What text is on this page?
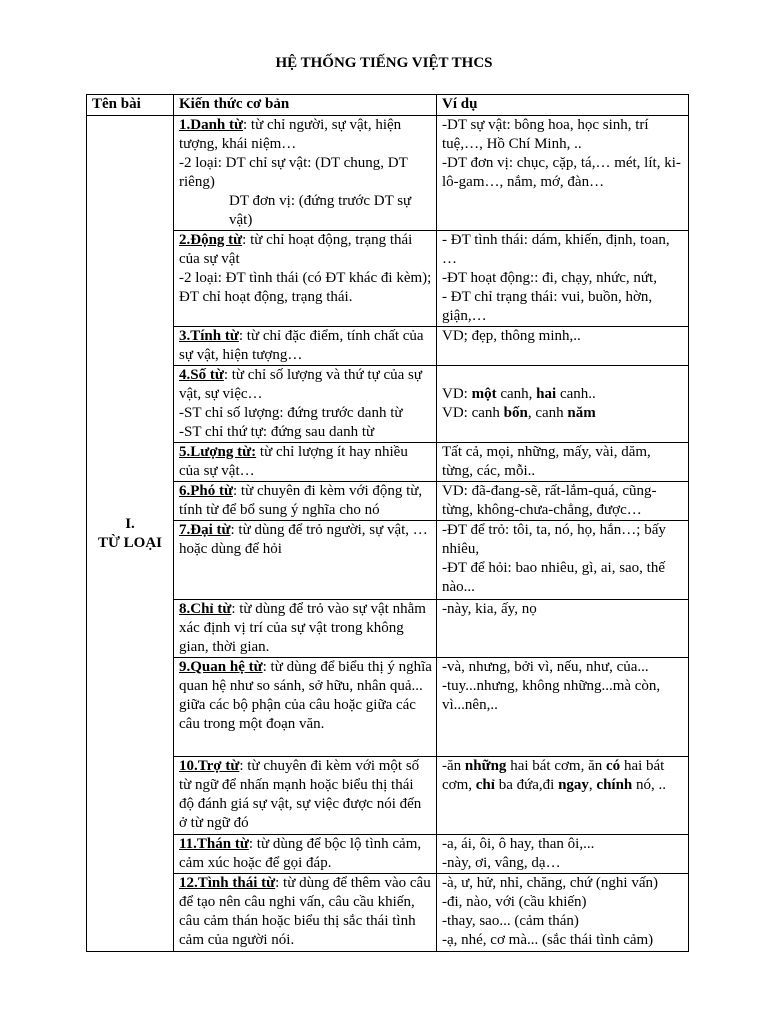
HỆ THỐNG TIẾNG VIỆT THCS
Tên bài	Kiến thức cơ bản	Ví dụ

I.
TỪ LOẠI	1.Danh từ: từ chỉ người, sự vật, hiện tượng, khái niệm…
-2 loại: DT chỉ sự vật: (DT chung, DT riêng)
DT đơn vị: (đứng trước DT sự vật)	-DT sự vật: bông hoa, học sinh, trí tuệ,…, Hồ Chí Minh, ..
-DT đơn vị: chục, cặp, tá,… mét, lít, ki-lô-gam…, nắm, mớ, đàn…

	2.Động từ: từ chỉ hoạt động, trạng thái của sự vật
-2 loại: ĐT tình thái (có ĐT khác đi kèm); ĐT chỉ hoạt động, trạng thái.	- ĐT tình thái: dám, khiến, định, toan, …
-ĐT hoạt động:: đi, chạy, nhức, nứt,
- ĐT chỉ trạng thái: vui, buồn, hờn, giận,…

	3.Tính từ: từ chỉ đặc điểm, tính chất của sự vật, hiện tượng…	VD; đẹp, thông minh,..

	4.Số từ: từ chỉ số lượng và thứ tự của sự vật, sự việc…
-ST chỉ số lượng: đứng trước danh từ
-ST chỉ thứ tự: đứng sau danh từ	VD: một canh, hai canh..
VD: canh bốn, canh năm

	5.Lượng từ: từ chỉ lượng ít hay nhiều của sự vật…	Tất cả, mọi, những, mấy, vài, dăm, từng, các, mỗi..

	6.Phó từ: từ chuyên đi kèm với động từ, tính từ để bổ sung ý nghĩa cho nó	VD: đã-đang-sẽ, rất-lắm-quá, cũng-từng, không-chưa-chẳng, được…

	7.Đại từ: từ dùng để trỏ người, sự vật, … hoặc dùng để hỏi	-ĐT để trỏ: tôi, ta, nó, họ, hắn…; bấy nhiêu,
-ĐT để hỏi: bao nhiêu, gì, ai, sao, thế nào...

	8.Chỉ từ: từ dùng để trỏ vào sự vật nhằm xác định vị trí của sự vật trong không gian, thời gian.	-này, kia, ấy, nọ

	9.Quan hệ từ: từ dùng để biểu thị ý nghĩa quan hệ như so sánh, sở hữu, nhân quả... giữa các bộ phận của câu hoặc giữa các câu trong một đoạn văn.	-và, nhưng, bởi vì, nếu, như, của...
-tuy...nhưng, không những...mà còn, vì...nên,..

	10.Trợ từ: từ chuyên đi kèm với một số từ ngữ để nhấn mạnh hoặc biểu thị thái độ đánh giá sự vật, sự việc được nói đến ở từ ngữ đó	-ăn những hai bát cơm, ăn có hai bát cơm, chỉ ba đứa,đi ngay, chính nó, ..

	11.Thán từ: từ dùng để bộc lộ tình cảm, cảm xúc hoặc để gọi đáp.	-a, ái, ôi, ô hay, than ôi,...
-này, ơi, vâng, dạ…

	12.Tình thái từ: từ dùng để thêm vào câu để tạo nên câu nghi vấn, câu cầu khiến, câu cảm thán hoặc biểu thị sắc thái tình cảm của người nói.	-à, ư, hử, nhỉ, chăng, chứ (nghi vấn)
-đi, nào, với (cầu khiến)
-thay, sao... (cảm thán)
-ạ, nhé, cơ mà... (sắc thái tình cảm)
